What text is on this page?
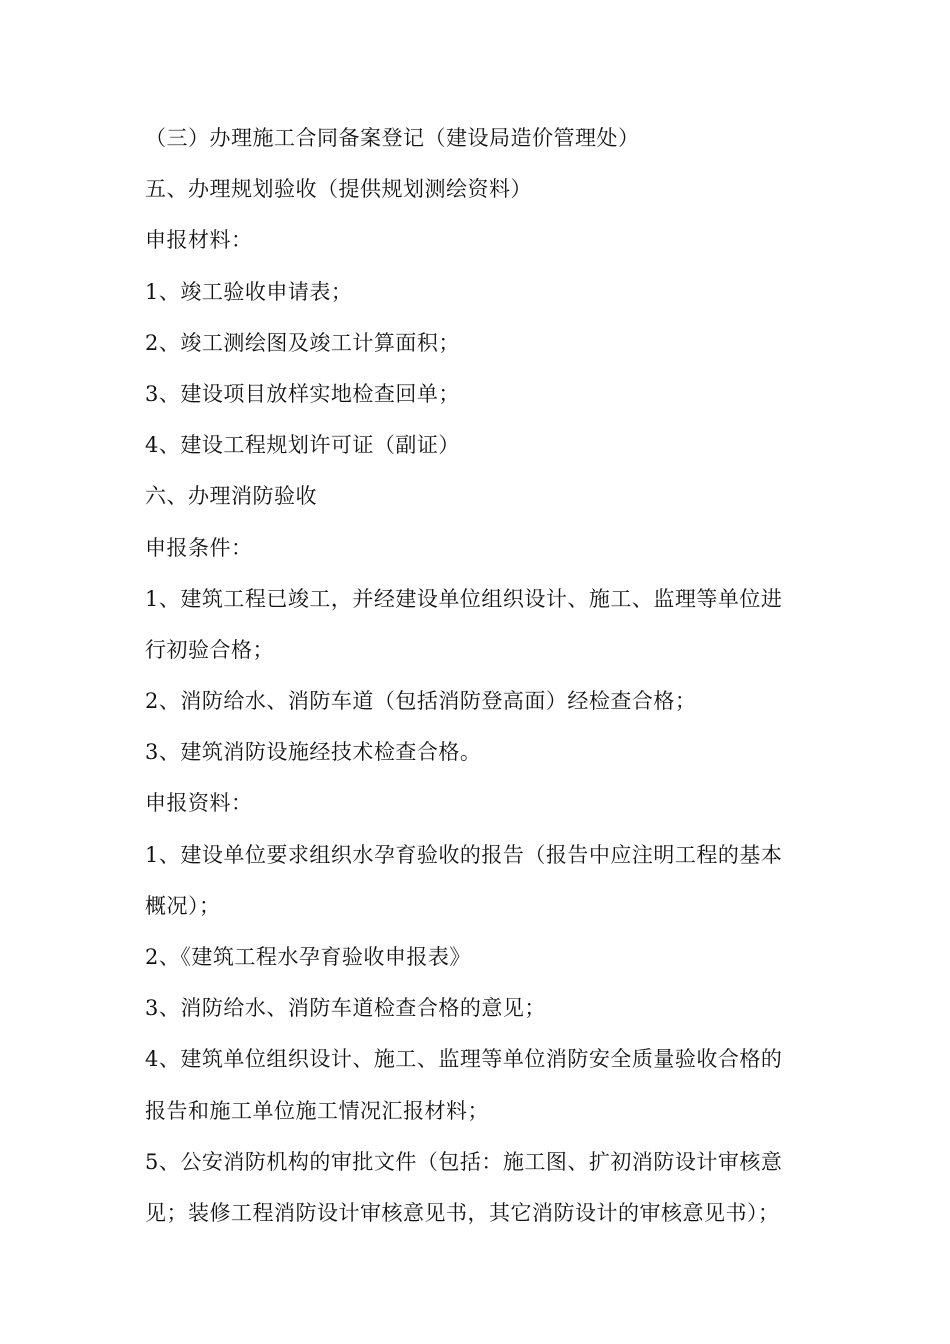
（三）办理施工合同备案登记（建设局造价管理处）
五、办理规划验收（提供规划测绘资料）
申报材料：
1、竣工验收申请表；
2、竣工测绘图及竣工计算面积；
3、建设项目放样实地检查回单；
4、建设工程规划许可证（副证）
六、办理消防验收
申报条件：
1、建筑工程已竣工，并经建设单位组织设计、施工、监理等单位进
行初验合格；
2、消防给水、消防车道（包括消防登高面）经检查合格；
3、建筑消防设施经技术检查合格。
申报资料：
1、建设单位要求组织水孕育验收的报告（报告中应注明工程的基本
概况）；
2、《建筑工程水孕育验收申报表》
3、消防给水、消防车道检查合格的意见；
4、建筑单位组织设计、施工、监理等单位消防安全质量验收合格的
报告和施工单位施工情况汇报材料；
5、公安消防机构的审批文件（包括：施工图、扩初消防设计审核意
见；装修工程消防设计审核意见书，其它消防设计的审核意见书）；
